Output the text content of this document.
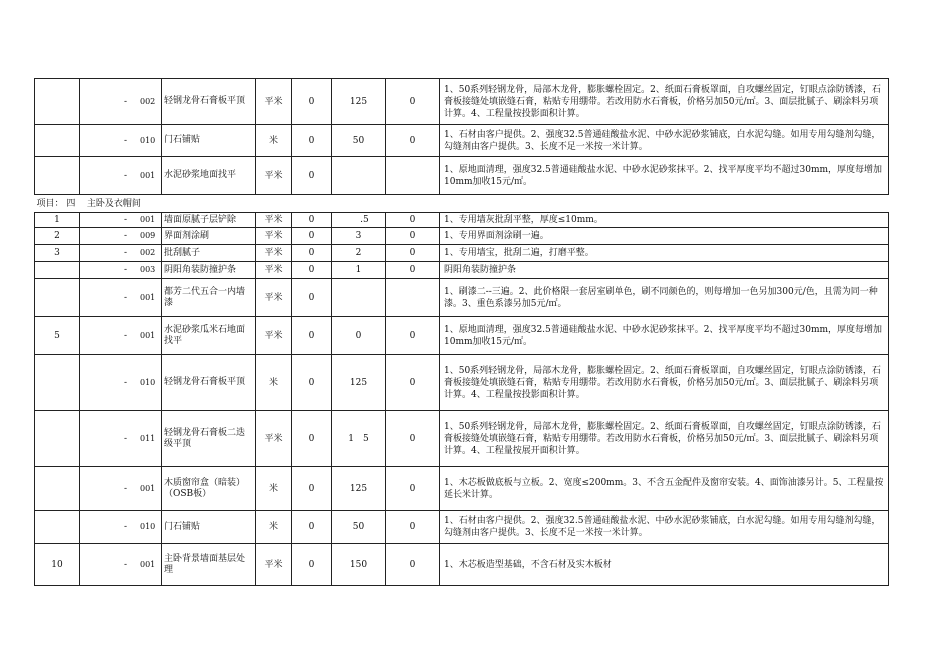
	- 002	轻钢龙骨石膏板平顶	平米	0	125	0	1、50系列轻钢龙骨，局部木龙骨，膨胀螺栓固定。2、纸面石膏板罩面，自攻螺丝固定，钉眼点涂防锈漆，石膏板接缝处填嵌缝石膏，粘贴专用绷带。若改用防水石膏板，价格另加50元/㎡。3、面层批腻子、刷涂料另项计算。4、工程量按投影面积计算。

	- 010	门石铺贴	米	0	50	0	1、石材由客户提供。2、强度32.5普通硅酸盐水泥、中砂水泥砂浆铺底，白水泥勾缝。如用专用勾缝剂勾缝，勾缝剂由客户提供。3、长度不足一米按一米计算。

	- 001	水泥砂浆地面找平	平米	0			1、原地面清理，强度32.5普通硅酸盐水泥、中砂水泥砂浆抹平。2、找平厚度平均不超过30mm，厚度每增加10mm加收15元/㎡。
项目： 四 主卧及衣帽间							
1	- 001	墙面原腻子层铲除	平米	0	　 .5	0	1、专用墙灰批刮平整，厚度≤10mm。
2	- 009	界面剂涂刷	平米	0	3	0	1、专用界面剂涂刷一遍。
3	- 002	批刮腻子	平米	0	2	0	1、专用墙宝，批刮二遍，打磨平整。

	- 003	阴阳角装防撞护条	平米	0	1	0	阴阳角装防撞护条

	- 001	都芳二代五合一内墙漆	平米	0			1、刷漆二--三遍。2、此价格限一套居室刷单色，刷不同颜色的，则每增加一色另加300元/色，且需为同一种漆。3、重色系漆另加5元/㎡。
5	- 001	水泥砂浆瓜米石地面找平	平米	0	0	0	1、原地面清理，强度32.5普通硅酸盐水泥、中砂水泥砂浆抹平。2、找平厚度平均不超过30mm，厚度每增加10mm加收15元/㎡。

	- 010	轻钢龙骨石膏板平顶	米	0	125	0	1、50系列轻钢龙骨，局部木龙骨，膨胀螺栓固定。2、纸面石膏板罩面，自攻螺丝固定，钉眼点涂防锈漆，石膏板接缝处填嵌缝石膏，粘贴专用绷带。若改用防水石膏板，价格另加50元/㎡。3、面层批腻子、刷涂料另项计算。4、工程量按投影面积计算。

	- 011	轻钢龙骨石膏板二迭级平顶	平米	0	1　5	0	1、50系列轻钢龙骨，局部木龙骨，膨胀螺栓固定。2、纸面石膏板罩面，自攻螺丝固定，钉眼点涂防锈漆，石膏板接缝处填嵌缝石膏，粘贴专用绷带。若改用防水石膏板，价格另加50元/㎡。3、面层批腻子、刷涂料另项计算。4、工程量按展开面积计算。

	- 001	木质窗帘盒（暗装）（OSB板）	米	0	125	0	1、木芯板做底板与立板。2、宽度≤200mm。3、不含五金配件及窗帘安装。4、面饰油漆另计。5、工程量按延长米计算。

	- 010	门石铺贴	米	0	50	0	1、石材由客户提供。2、强度32.5普通硅酸盐水泥、中砂水泥砂浆铺底，白水泥勾缝。如用专用勾缝剂勾缝，勾缝剂由客户提供。3、长度不足一米按一米计算。
10	- 001	主卧背景墙面基层处理	平米	0	150	0	1、木芯板造型基础，不含石材及实木板材
